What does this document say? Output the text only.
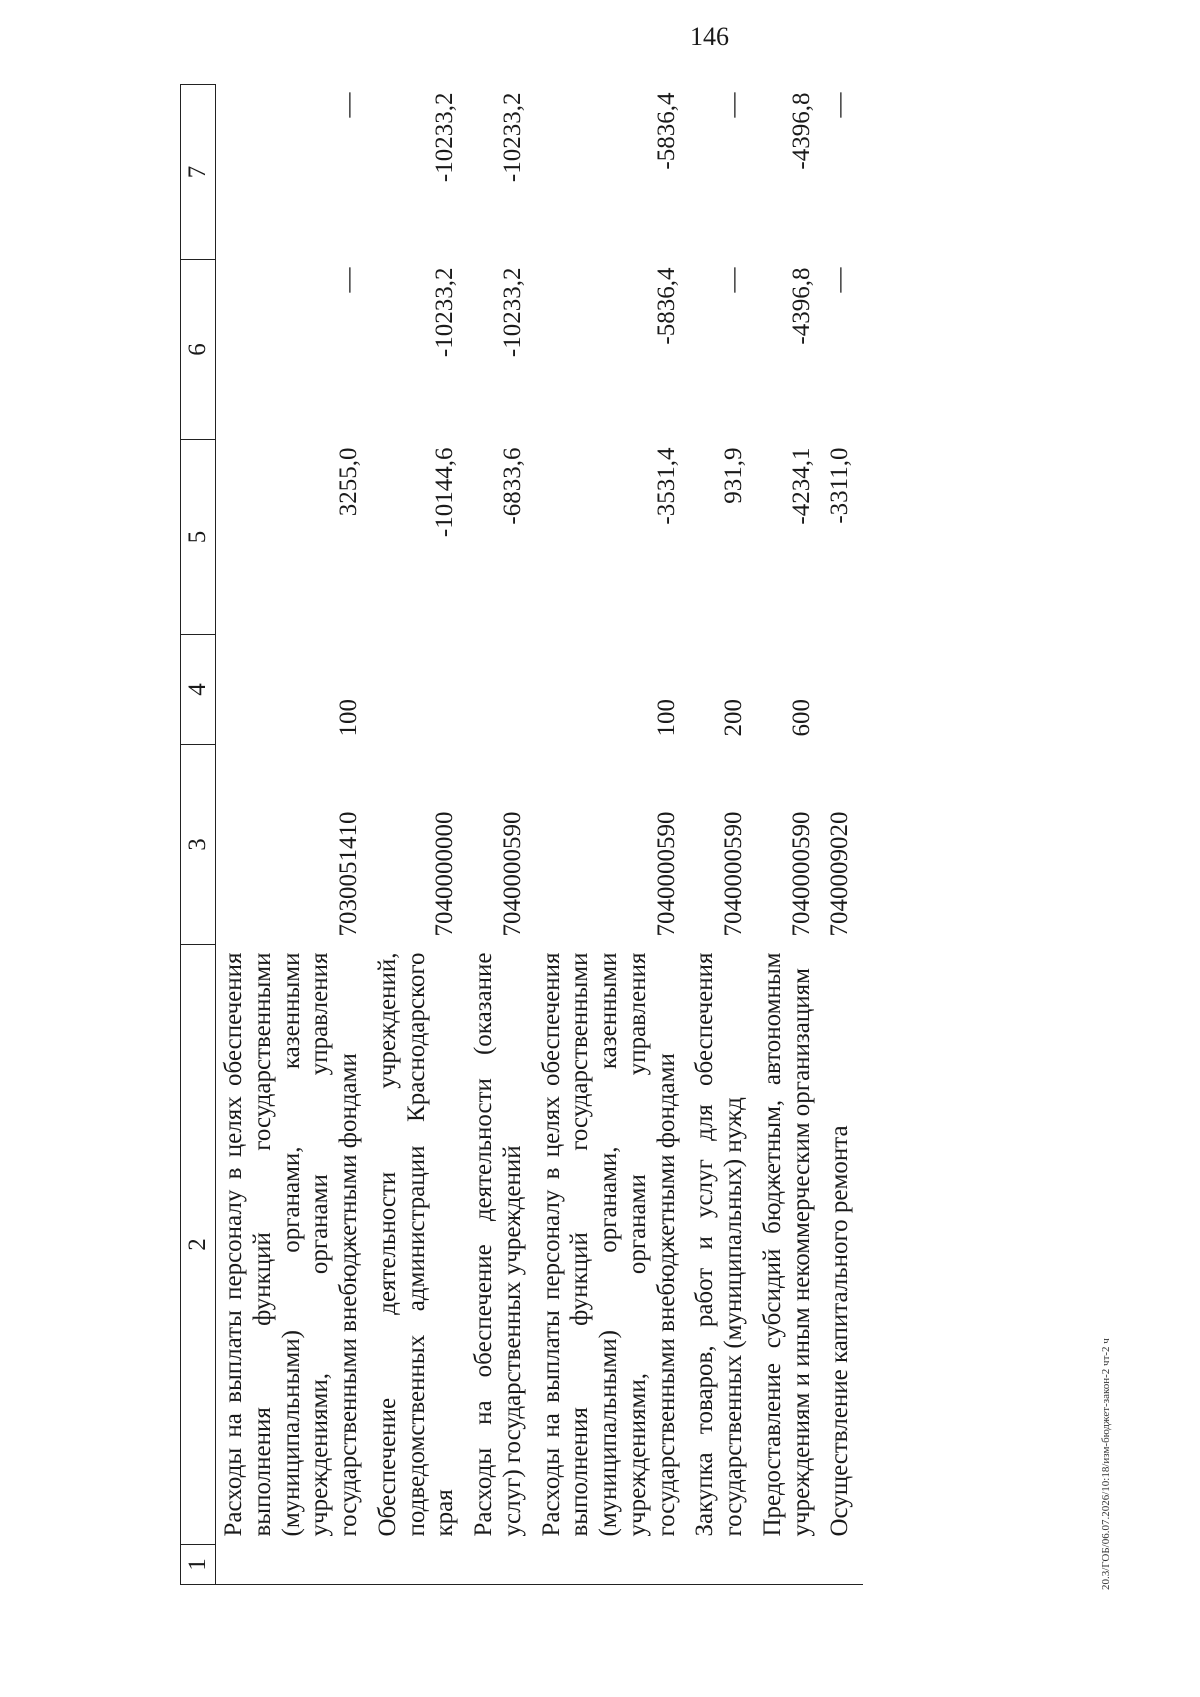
146
1	2	3	4	5	6	7
	Расходы на выплаты персоналу в целях обеспечения выполнения функций государственными (муниципальными) органами, казенными учреждениями, органами управления государственными внебюджетными фондами	7030051410	100	3255,0	—	—
	Обеспечение деятельности учреждений, подведомственных администрации Краснодарского края	7040000000		-10144,6	-10233,2	-10233,2
	Расходы на обеспечение деятельности (оказание услуг) государственных учреждений	7040000590		-6833,6	-10233,2	-10233,2
	Расходы на выплаты персоналу в целях обеспечения выполнения функций государственными (муниципальными) органами, казенными учреждениями, органами управления государственными внебюджетными фондами	7040000590	100	-3531,4	-5836,4	-5836,4
	Закупка товаров, работ и услуг для обеспечения государственных (муниципальных) нужд	7040000590	200	931,9	—	—
	Предоставление субсидий бюджетным, автономным учреждениям и иным некоммерческим организациям	7040000590	600	-4234,1	-4396,8	-4396,8
	Осуществление капитального ремонта	7040009020		-3311,0	—	—
20.3/ГОБ/06.07.2026/10:18/изм-бюджет-закон-2 чт-2 ч
